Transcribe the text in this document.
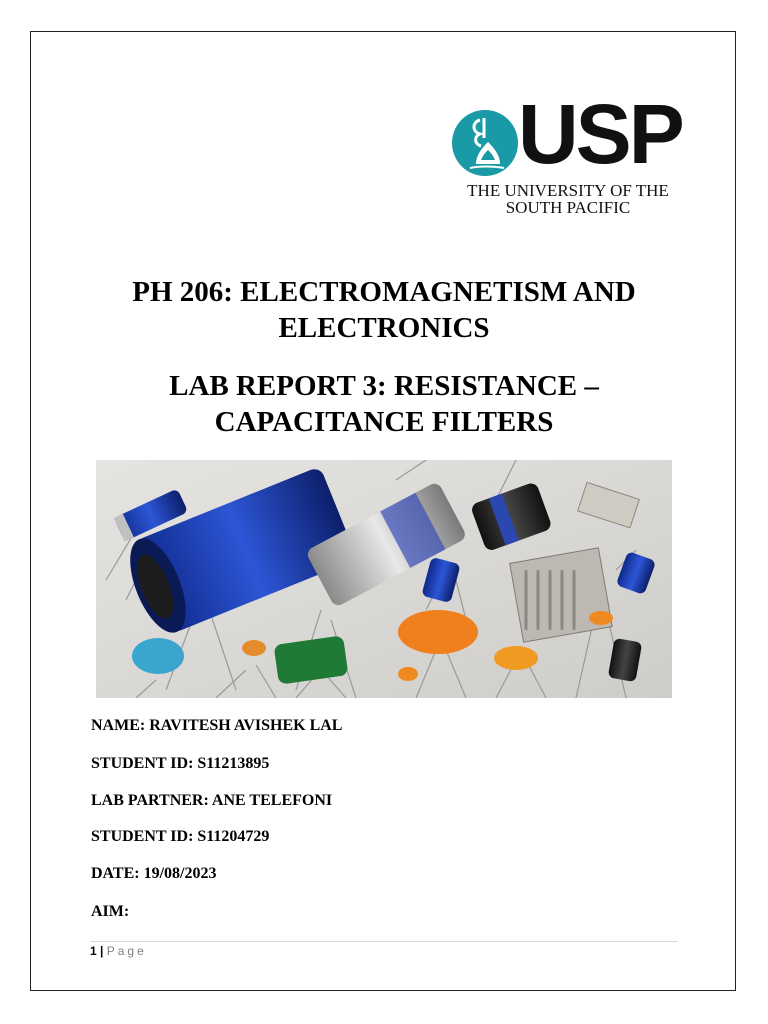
USP
THE UNIVERSITY OF THE
SOUTH PACIFIC
PH 206: ELECTROMAGNETISM AND
ELECTRONICS
LAB REPORT 3: RESISTANCE –
CAPACITANCE FILTERS
NAME: RAVITESH AVISHEK LAL
STUDENT ID: S11213895
LAB PARTNER: ANE TELEFONI
STUDENT ID: S11204729
DATE: 19/08/2023
AIM:
1 | Page
